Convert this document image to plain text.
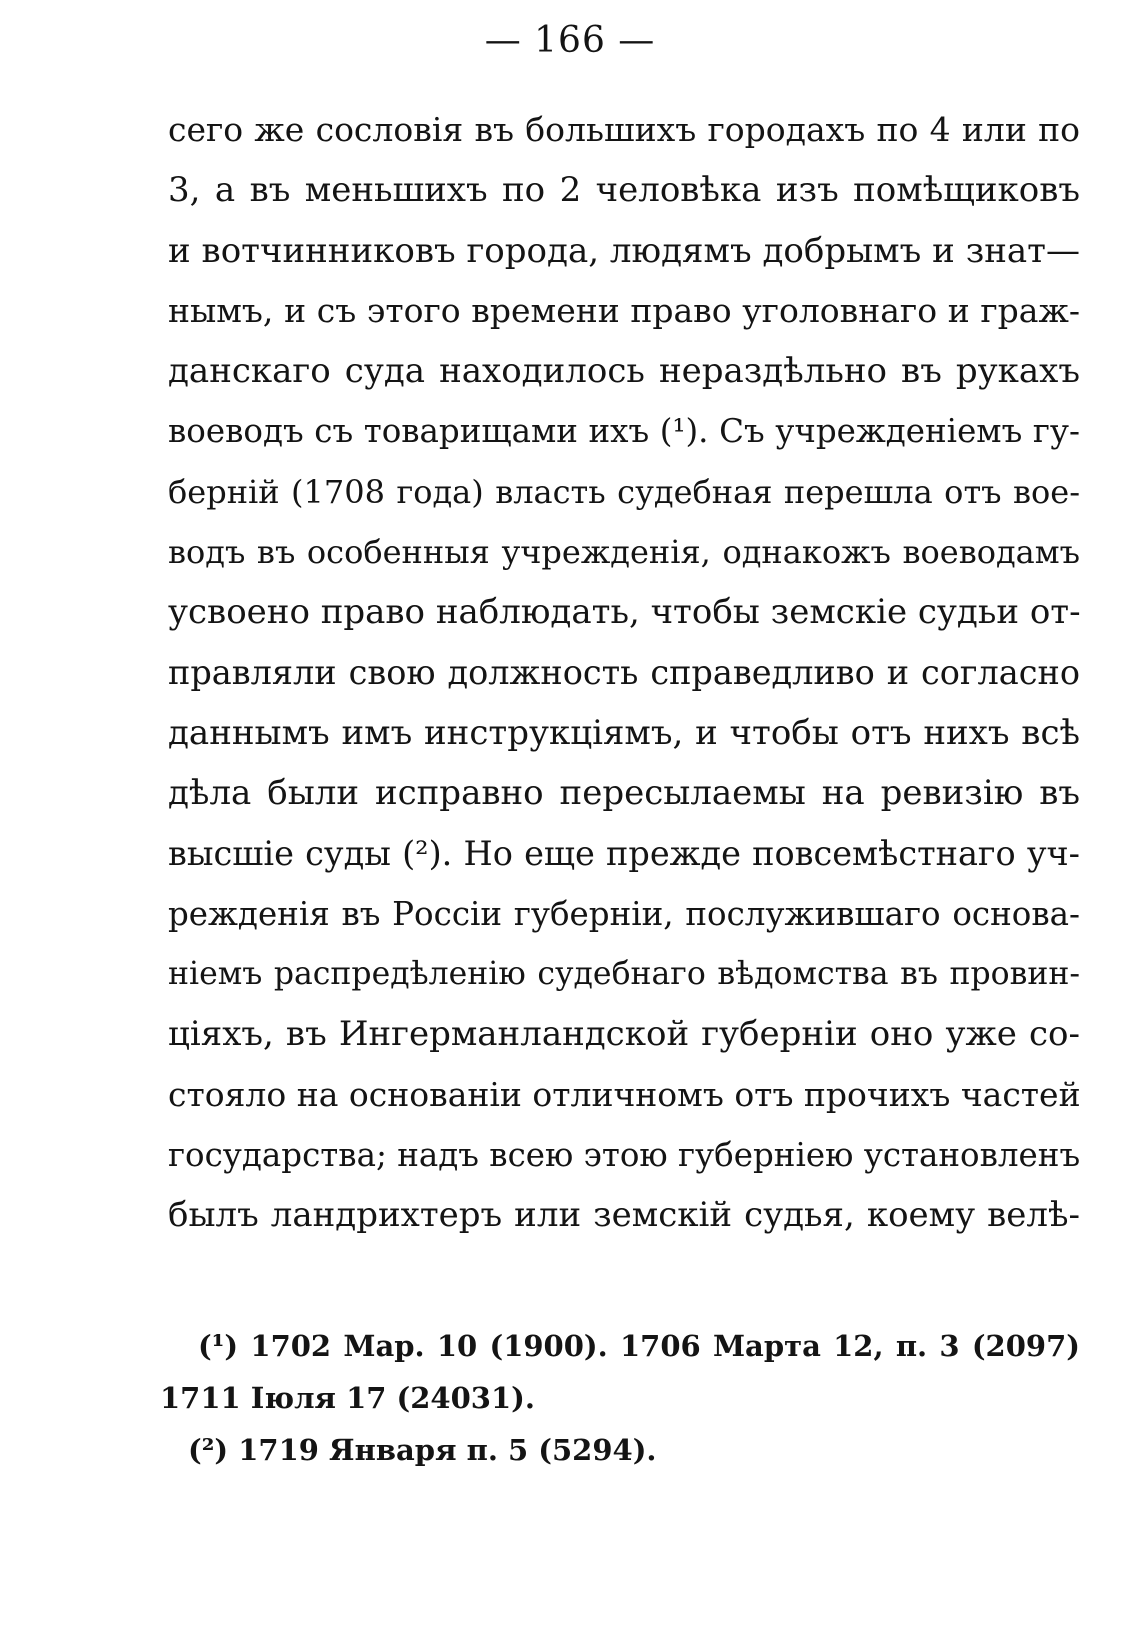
— 166 —
сего же сословія въ большихъ городахъ по 4 или по
3, а въ меньшихъ по 2 человѣка изъ помѣщиковъ
и вотчинниковъ города, людямъ добрымъ и знат—
нымъ, и съ этого времени право уголовнаго и граж-
данскаго суда находилось нераздѣльно въ рукахъ
воеводъ съ товарищами ихъ (¹). Съ учрежденіемъ гу-
берній (1708 года) власть судебная перешла отъ вое-
водъ въ особенныя учрежденія, однакожъ воеводамъ
усвоено право наблюдать, чтобы земскіе судьи от-
правляли свою должность справедливо и согласно
даннымъ имъ инструкціямъ, и чтобы отъ нихъ всѣ
дѣла были исправно пересылаемы на ревизію въ
высшіе суды (²). Но еще прежде повсемѣстнаго уч-
режденія въ Россіи губерніи, послужившаго основа-
ніемъ распредѣленію судебнаго вѣдомства въ провин-
ціяхъ, въ Ингерманландской губерніи оно уже со-
стояло на основаніи отличномъ отъ прочихъ частей
государства; надъ всею этою губерніею установленъ
былъ ландрихтеръ или земскій судья, коему велѣ-
(¹) 1702 Мар. 10 (1900). 1706 Марта 12, п. 3 (2097)
1711 Іюля 17 (24031).
(²) 1719 Января п. 5 (5294).
